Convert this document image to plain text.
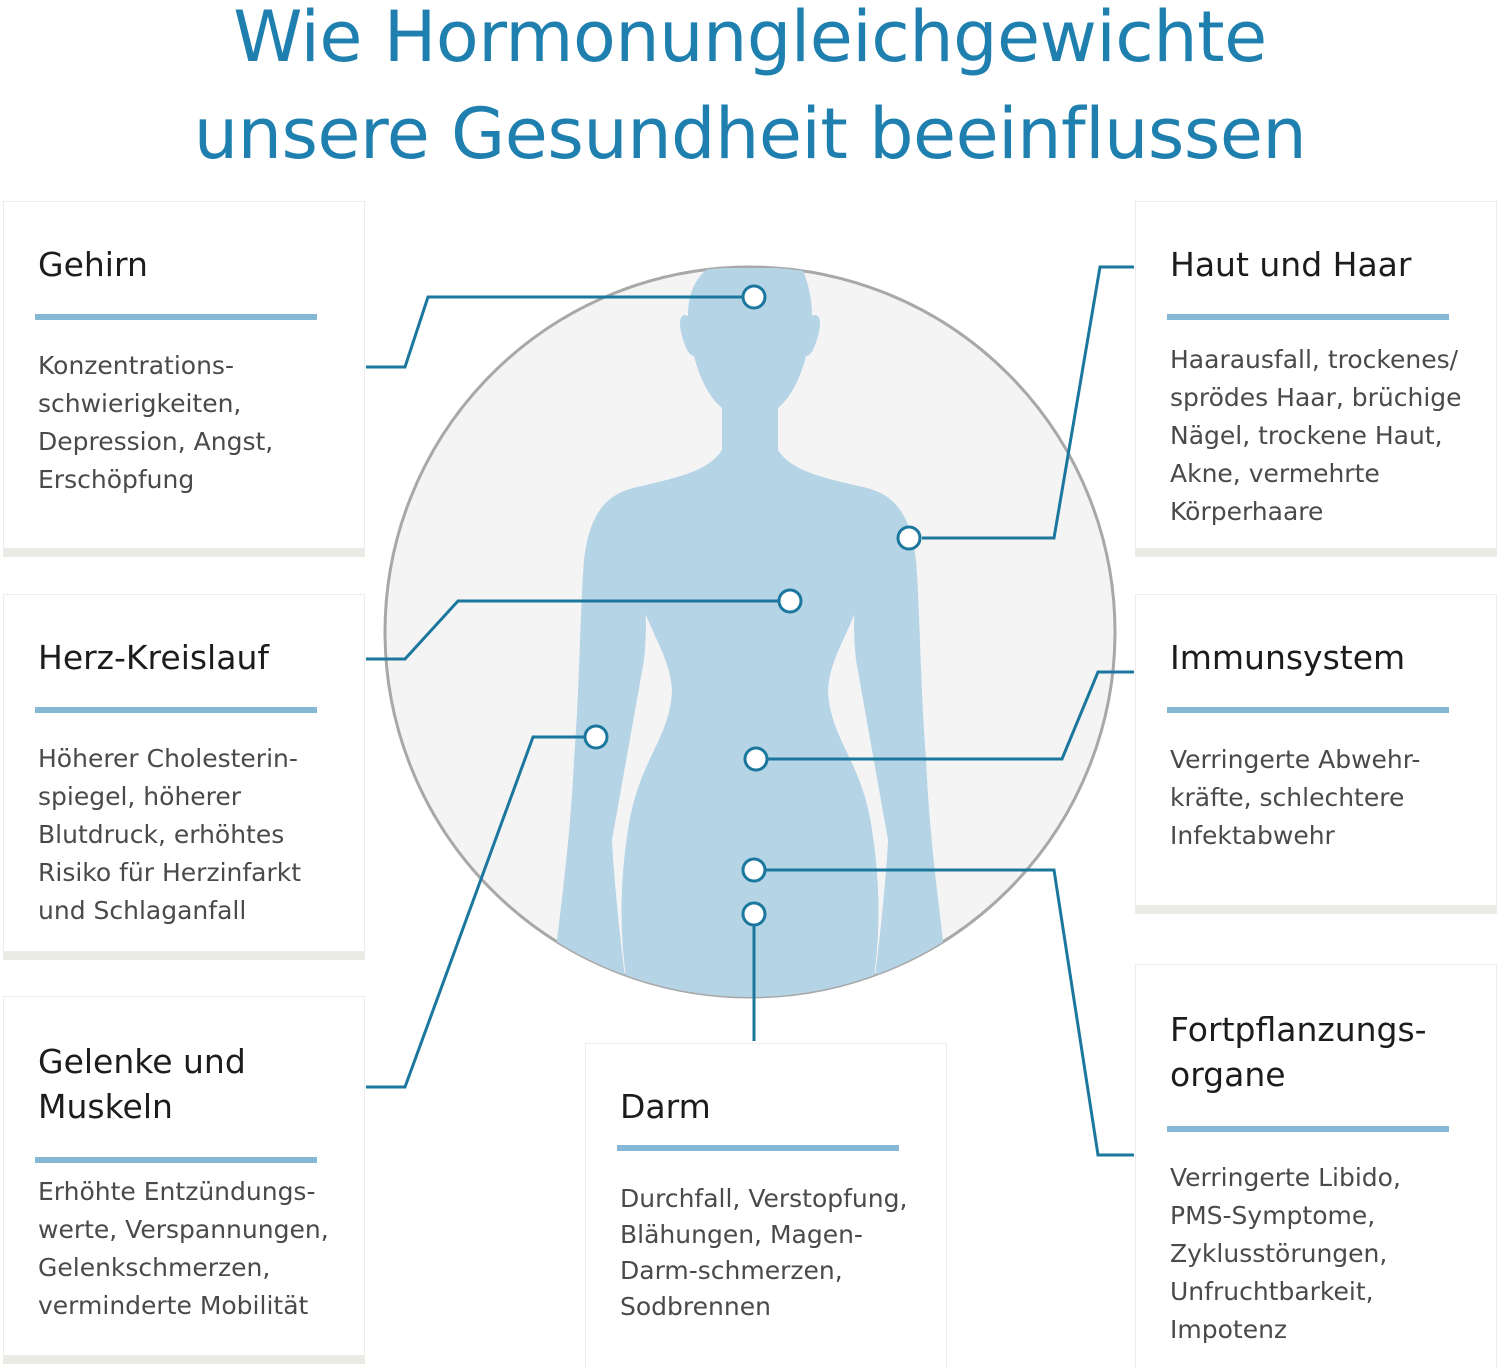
Wie Hormonungleichgewichte
unsere Gesundheit beeinflussen
Gehirn

Konzentrations-
schwierigkeiten,
Depression, Angst,
Erschöpfung

Herz-Kreislauf

Höherer Cholesterin-
spiegel, höherer
Blutdruck, erhöhtes
Risiko für Herzinfarkt
und Schlaganfall

Gelenke und
Muskeln

Erhöhte Entzündungs-
werte, Verspannungen,
Gelenkschmerzen,
verminderte Mobilität

Darm

Durchfall, Verstopfung,
Blähungen, Magen-
Darm-schmerzen,
Sodbrennen

Haut und Haar

Haarausfall, trockenes/
sprödes Haar, brüchige
Nägel, trockene Haut,
Akne, vermehrte
Körperhaare

Immunsystem

Verringerte Abwehr-
kräfte, schlechtere
Infektabwehr

Fortpflanzungs-
organe

Verringerte Libido,
PMS-Symptome,
Zyklusstörungen,
Unfruchtbarkeit,
Impotenz
